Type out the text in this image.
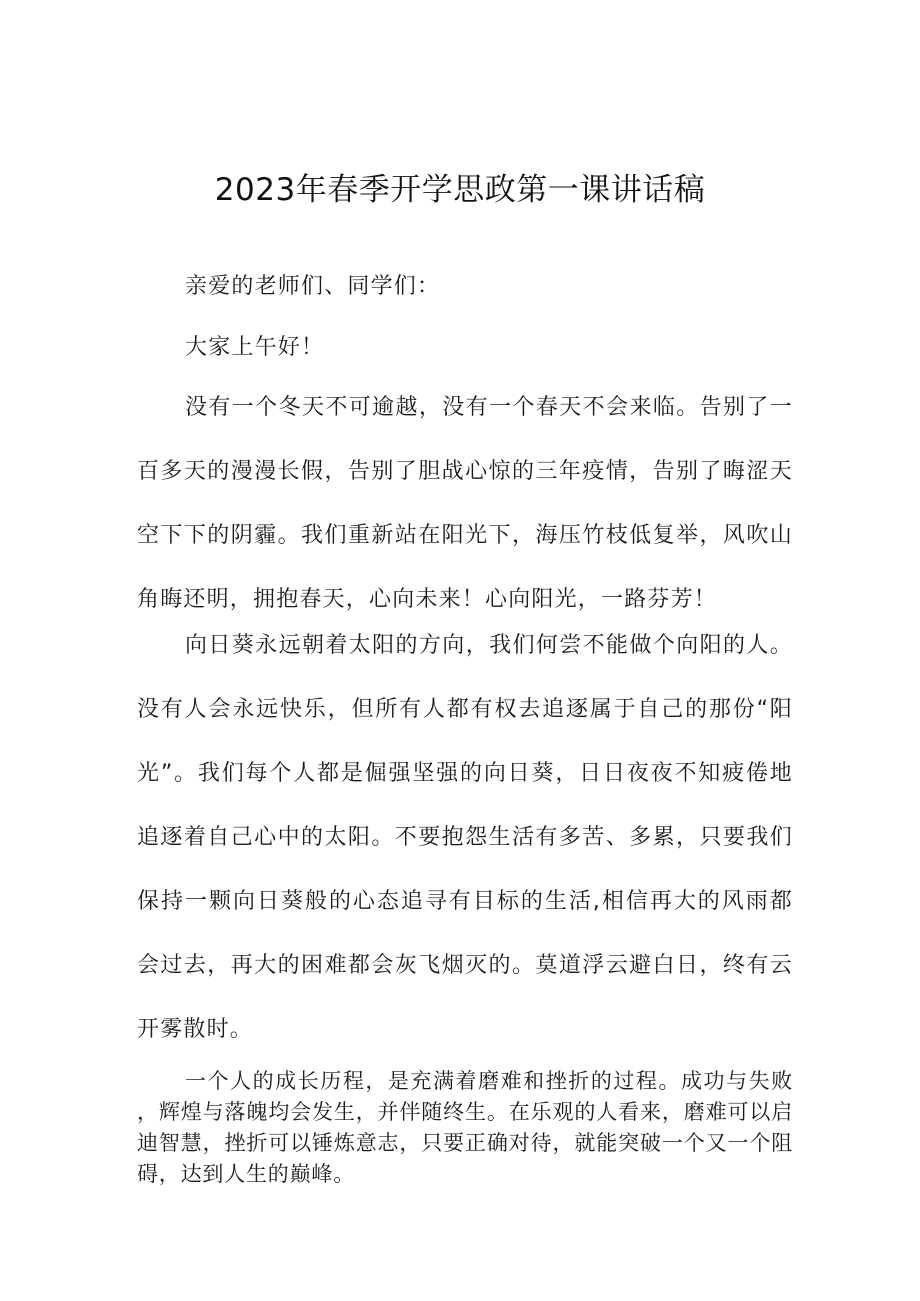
2023年春季开学思政第一课讲话稿

亲爱的老师们、同学们：

大家上午好！

没有一个冬天不可逾越，没有一个春天不会来临。告别了一百多天的漫漫长假，告别了胆战心惊的三年疫情，告别了晦涩天空下下的阴霾。我们重新站在阳光下，海压竹枝低复举，风吹山角晦还明，拥抱春天，心向未来！心向阳光，一路芬芳！

向日葵永远朝着太阳的方向，我们何尝不能做个向阳的人。没有人会永远快乐，但所有人都有权去追逐属于自己的那份“阳光”。我们每个人都是倔强坚强的向日葵，日日夜夜不知疲倦地追逐着自己心中的太阳。不要抱怨生活有多苦、多累，只要我们保持一颗向日葵般的心态追寻有目标的生活,相信再大的风雨都会过去，再大的困难都会灰飞烟灭的。莫道浮云避白日，终有云开雾散时。

一个人的成长历程，是充满着磨难和挫折的过程。成功与失败，辉煌与落魄均会发生，并伴随终生。在乐观的人看来，磨难可以启迪智慧，挫折可以锤炼意志，只要正确对待，就能突破一个又一个阻碍，达到人生的巅峰。
